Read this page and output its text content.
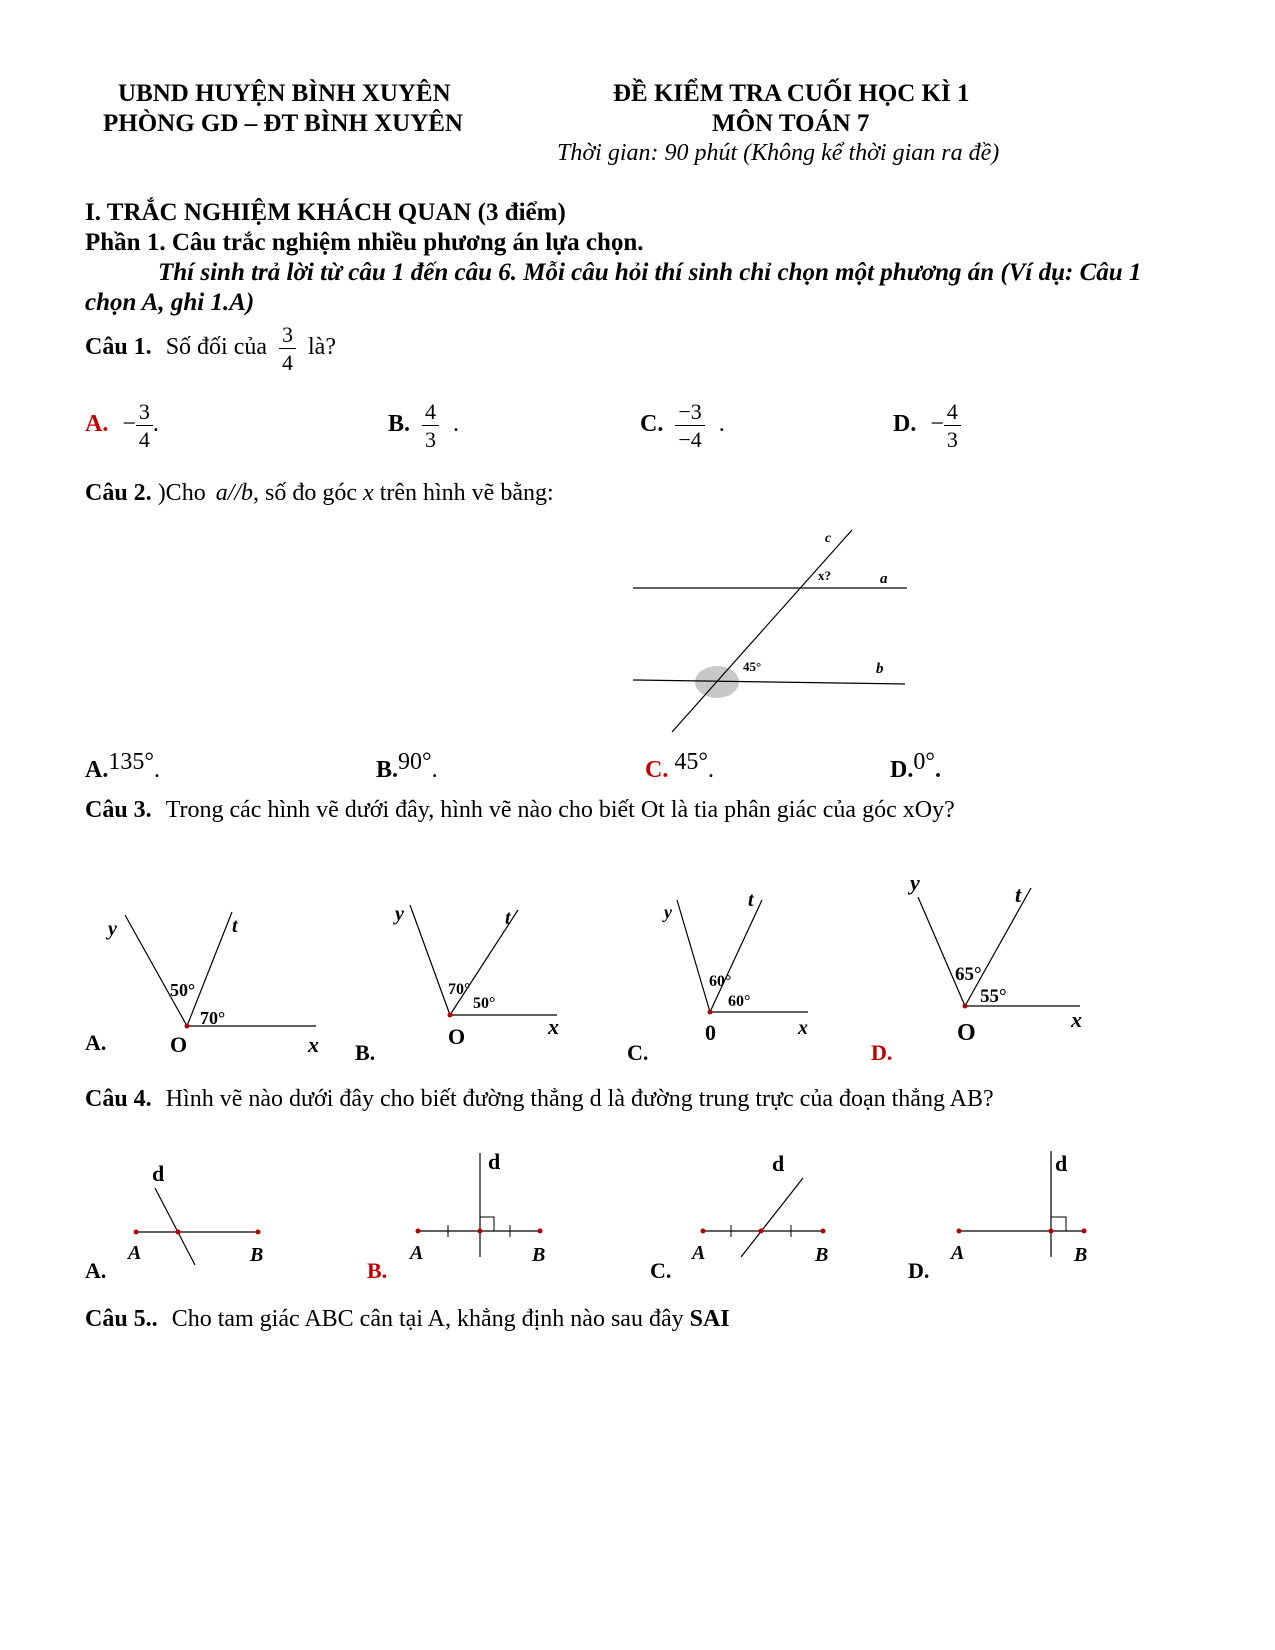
UBND HUYỆN BÌNH XUYÊN
PHÒNG GD – ĐT BÌNH XUYÊN
ĐỀ KIỂM TRA CUỐI HỌC KÌ 1
MÔN TOÁN 7
Thời gian: 90 phút (Không kể thời gian ra đề)
I. TRẮC NGHIỆM KHÁCH QUAN (3 điểm)
Phần 1. Câu trắc nghiệm nhiều phương án lựa chọn.
Thí sinh trả lời từ câu 1 đến câu 6. Mỗi câu hỏi thí sinh chỉ chọn một phương án (Ví dụ: Câu 1
chọn A, ghi 1.A)
Câu 1. Số đối của $\frac{3}{4}$ là?
A. − $\frac{3}{4}$ .	B. $\frac{4}{3}$ .	C. $\frac{-3}{-4}$ .	D. − $\frac{4}{3}$
Câu 2. )Cho a//b, số đo góc x trên hình vẽ bằng:
c
a
b
x?
45°
A.135°.	B.90°.	C. 45°.	D.0°.
Câu 3. Trong các hình vẽ dưới đây, hình vẽ nào cho biết Ot là tia phân giác của góc xOy?
A.
y	t
O	x
50°
70°
B.
y	t
O	x
70°
50°
C.
y
t
0	x
60°
60°
D.
y	t
O
x
65°
55°
Câu 4. Hình vẽ nào dưới đây cho biết đường thẳng d là đường trung trực của đoạn thẳng AB?
A.
d
A	B
B.
d
A	B
C.
d
A	B
D.
d
A	B
Câu 5.. Cho tam giác ABC cân tại A, khẳng định nào sau đây SAI
